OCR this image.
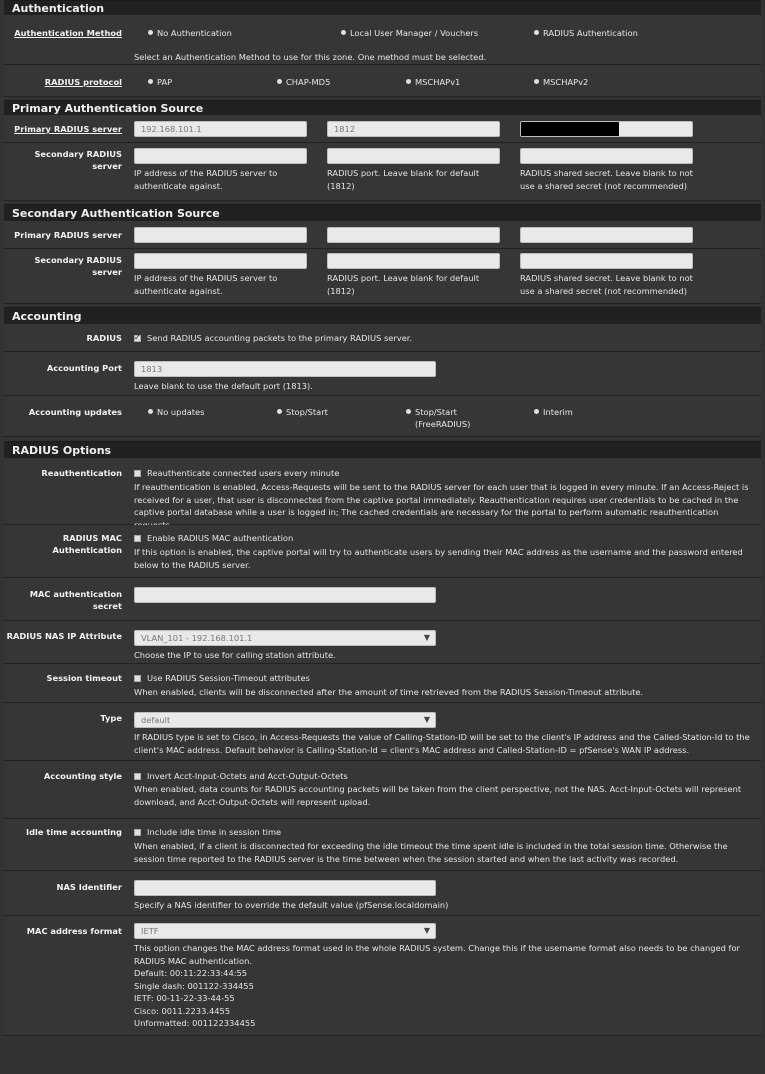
Authentication
Authentication Method	No Authentication	Local User Manager / Vouchers	RADIUS Authentication
Select an Authentication Method to use for this zone. One method must be selected.
RADIUS protocol	PAP	CHAP-MD5	MSCHAPv1	MSCHAPv2
Primary Authentication Source
Primary RADIUS server	192.168.101.1	1812
Secondary RADIUS server
IP address of the RADIUS server to authenticate against.
RADIUS port. Leave blank for default (1812)
RADIUS shared secret. Leave blank to not use a shared secret (not recommended)
Secondary Authentication Source
Primary RADIUS server
Secondary RADIUS server
IP address of the RADIUS server to authenticate against.
RADIUS port. Leave blank for default (1812)
RADIUS shared secret. Leave blank to not use a shared secret (not recommended)
Accounting
RADIUS
✓	Send RADIUS accounting packets to the primary RADIUS server.
Accounting Port	1813
Leave blank to use the default port (1813).
Accounting updates	No updates	Stop/Start	Stop/Start
(FreeRADIUS)
Interim
RADIUS Options
Reauthentication	Reauthenticate connected users every minute
If reauthentication is enabled, Access-Requests will be sent to the RADIUS server for each user that is logged in every minute. If an Access-Reject is received for a user, that user is disconnected from the captive portal immediately. Reauthentication requires user credentials to be cached in the captive portal database while a user is logged in; The cached credentials are necessary for the portal to perform automatic reauthentication
RADIUS MAC
Authentication
Enable RADIUS MAC authentication
If this option is enabled, the captive portal will try to authenticate users by sending their MAC address as the username and the password entered below to the RADIUS server.
MAC authentication
secret
RADIUS NAS IP Attribute	VLAN_101 - 192.168.101.1	▼
Choose the IP to use for calling station attribute.
Session timeout	Use RADIUS Session-Timeout attributes
When enabled, clients will be disconnected after the amount of time retrieved from the RADIUS Session-Timeout attribute.
Type	default	▼
If RADIUS type is set to Cisco, in Access-Requests the value of Calling-Station-ID will be set to the client's IP address and the Called-Station-Id to the client's MAC address. Default behavior is Calling-Station-Id = client's MAC address and Called-Station-ID = pfSense's WAN IP address.
Accounting style	Invert Acct-Input-Octets and Acct-Output-Octets
When enabled, data counts for RADIUS accounting packets will be taken from the client perspective, not the NAS. Acct-Input-Octets will represent download, and Acct-Output-Octets will represent upload.
Idle time accounting	Include idle time in session time
When enabled, if a client is disconnected for exceeding the idle timeout the time spent idle is included in the total session time. Otherwise the session time reported to the RADIUS server is the time between when the session started and when the last activity was recorded.
NAS Identifier
Specify a NAS identifier to override the default value (pfSense.localdomain)
MAC address format	IETF	▼
This option changes the MAC address format used in the whole RADIUS system. Change this if the username format also needs to be changed for RADIUS MAC authentication.
Default: 00:11:22:33:44:55
Single dash: 001122-334455
IETF: 00-11-22-33-44-55
Cisco: 0011.2233.4455
Unformatted: 001122334455
